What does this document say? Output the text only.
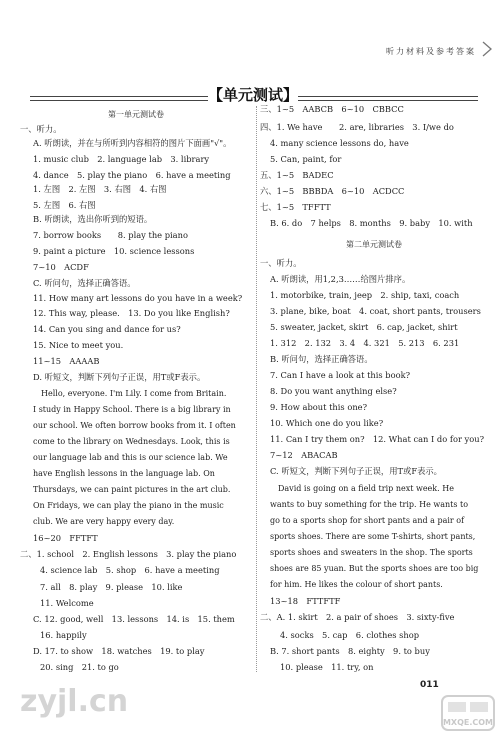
听力材料及参考答案
【单元测试】
第一单元测试卷
一、听力。
A. 听朗读，并在与所听到内容相符的图片下面画"√"。
1. music club　2. language lab　3. library
4. dance　5. play the piano　6. have a meeting
1. 左图　2. 左图　3. 右图　4. 右图
5. 左图　6. 右图
B. 听朗读，选出你听到的短语。
7. borrow books　　8. play the piano
9. paint a picture　10. science lessons
7~10　ACDF
C. 听问句，选择正确答语。
11. How many art lessons do you have in a week?
12. This way, please.　13. Do you like English?
14. Can you sing and dance for us?
15. Nice to meet you.
11~15　AAAAB
D. 听短文，判断下列句子正误，用T或F表示。
　Hello, everyone. I'm Lily. I come from Britain.
I study in Happy School. There is a big library in
our school. We often borrow books from it. I often
come to the library on Wednesdays. Look, this is
our language lab and this is our science lab. We
have English lessons in the language lab. On
Thursdays, we can paint pictures in the art club.
On Fridays, we can play the piano in the music
club. We are very happy every day.
16~20　FFTFT
二、1. school　2. English lessons　3. play the piano
4. science lab　5. shop　6. have a meeting
7. all　8. play　9. please　10. like
11. Welcome
C. 12. good, well　13. lessons　14. is　15. them
16. happily
D. 17. to show　18. watches　19. to play
20. sing　21. to go
三、1~5　AABCB　6~10　CBBCC
四、1. We have　　2. are, libraries　3. I/we do
4. many science lessons do, have
5. Can, paint, for
五、1~5　BADEC
六、1~5　BBBDA　6~10　ACDCC
七、1~5　TFFTT
B. 6. do　7 helps　8. months　9. baby　10. with
第二单元测试卷
一、听力。
A. 听朗读，用1,2,3……给图片排序。
1. motorbike, train, jeep　2. ship, taxi, coach
3. plane, bike, boat　4. coat, short pants, trousers
5. sweater, jacket, skirt　6. cap, jacket, shirt
1. 312　2. 132　3. 4　4. 321　5. 213　6. 231
B. 听问句，选择正确答语。
7. Can I have a look at this book?
8. Do you want anything else?
9. How about this one?
10. Which one do you like?
11. Can I try them on?　12. What can I do for you?
7~12　ABACAB
C. 听短文，判断下列句子正误，用T或F表示。
　David is going on a field trip next week. He
wants to buy something for the trip. He wants to
go to a sports shop for short pants and a pair of
sports shoes. There are some T-shirts, short pants,
sports shoes and sweaters in the shop. The sports
shoes are 85 yuan. But the sports shoes are too big
for him. He likes the colour of short pants.
13~18　FTTFTF
二、A. 1. skirt　2. a pair of shoes　3. sixty-five
4. socks　5. cap　6. clothes shop
B. 7. short pants　8. eighty　9. to buy
10. please　11. try, on
011
zyjl.cn
MXQE.COM
